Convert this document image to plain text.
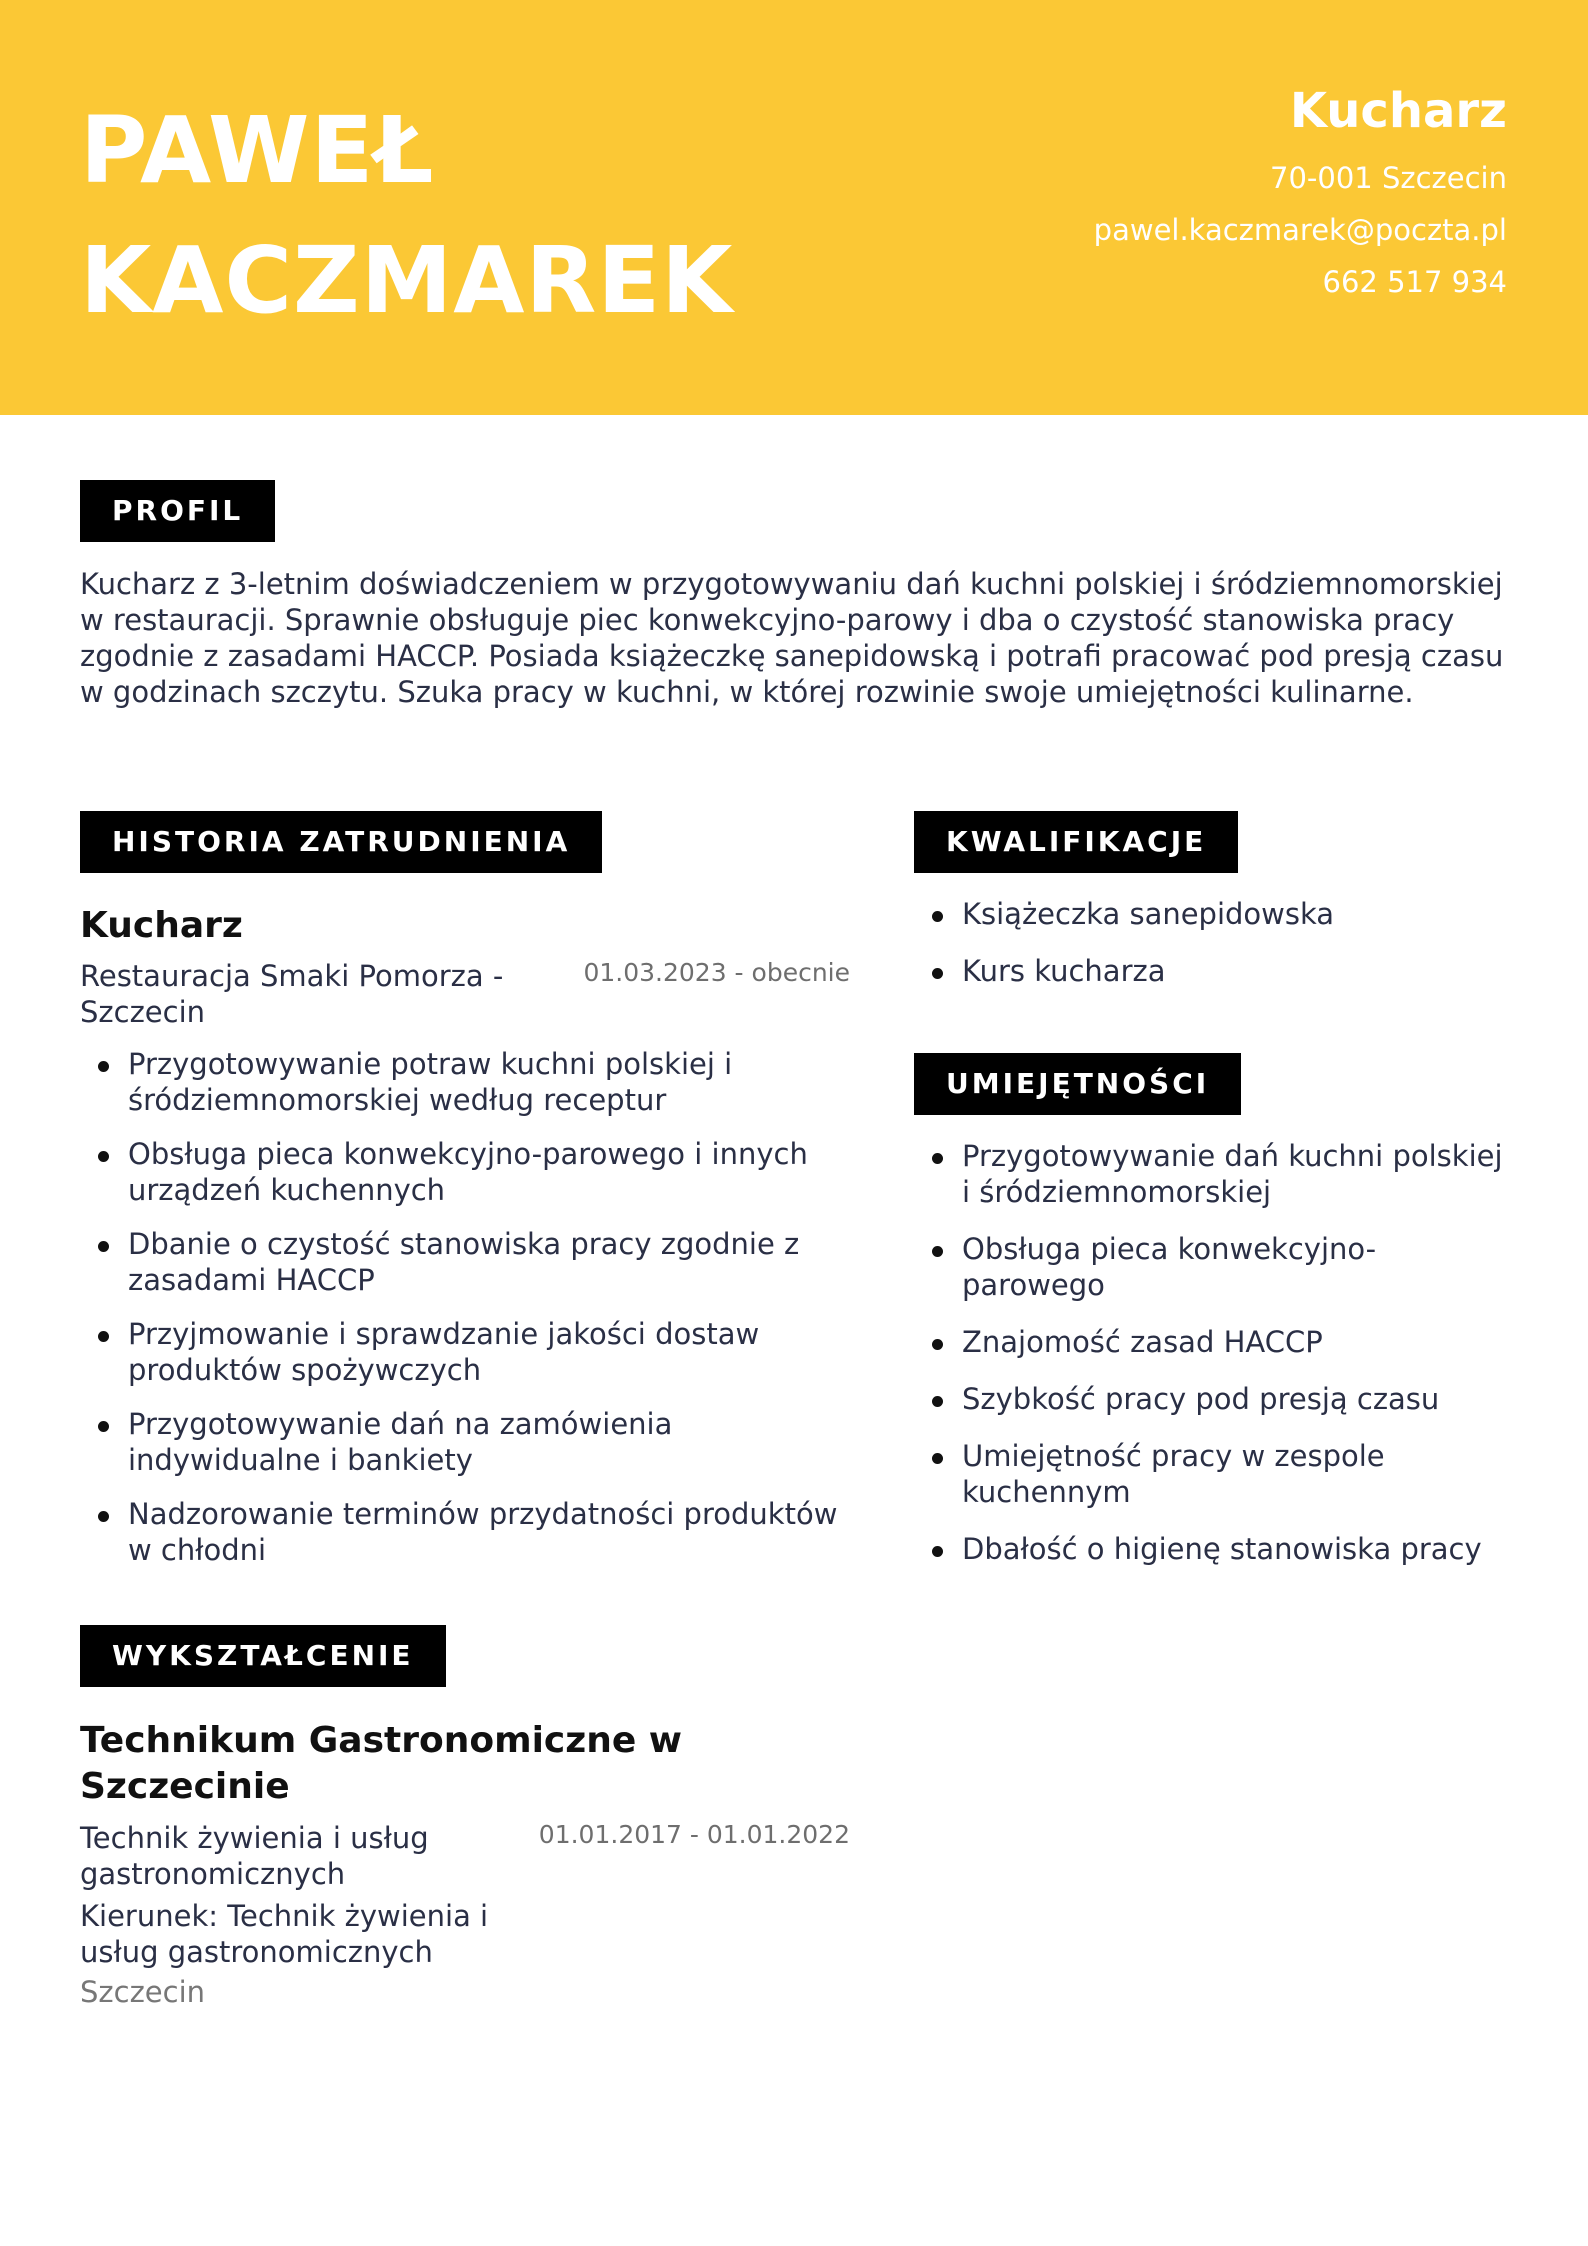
PAWEŁ
KACZMAREK
Kucharz
70-001 Szczecin
pawel.kaczmarek@poczta.pl
662 517 934
PROFIL
Kucharz z 3-letnim doświadczeniem w przygotowywaniu dań kuchni polskiej i śródziemnomorskiej w restauracji. Sprawnie obsługuje piec konwekcyjno-parowy i dba o czystość stanowiska pracy zgodnie z zasadami HACCP. Posiada książeczkę sanepidowską i potrafi pracować pod presją czasu w godzinach szczytu. Szuka pracy w kuchni, w której rozwinie swoje umiejętności kulinarne.
HISTORIA ZATRUDNIENIA
Kucharz
Restauracja Smaki Pomorza - Szczecin
01.03.2023 - obecnie
Przygotowywanie potraw kuchni polskiej i śródziemnomorskiej według receptur
Obsługa pieca konwekcyjno-parowego i innych urządzeń kuchennych
Dbanie o czystość stanowiska pracy zgodnie z zasadami HACCP
Przyjmowanie i sprawdzanie jakości dostaw produktów spożywczych
Przygotowywanie dań na zamówienia indywidualne i bankiety
Nadzorowanie terminów przydatności produktów w chłodni
WYKSZTAŁCENIE
Technikum Gastronomiczne w Szczecinie
Technik żywienia i usług gastronomicznych
01.01.2017 - 01.01.2022
Kierunek: Technik żywienia i usług gastronomicznych
Szczecin
KWALIFIKACJE
Książeczka sanepidowska
Kurs kucharza
UMIEJĘTNOŚCI
Przygotowywanie dań kuchni polskiej i śródziemnomorskiej
Obsługa pieca konwekcyjno-parowego
Znajomość zasad HACCP
Szybkość pracy pod presją czasu
Umiejętność pracy w zespole kuchennym
Dbałość o higienę stanowiska pracy
